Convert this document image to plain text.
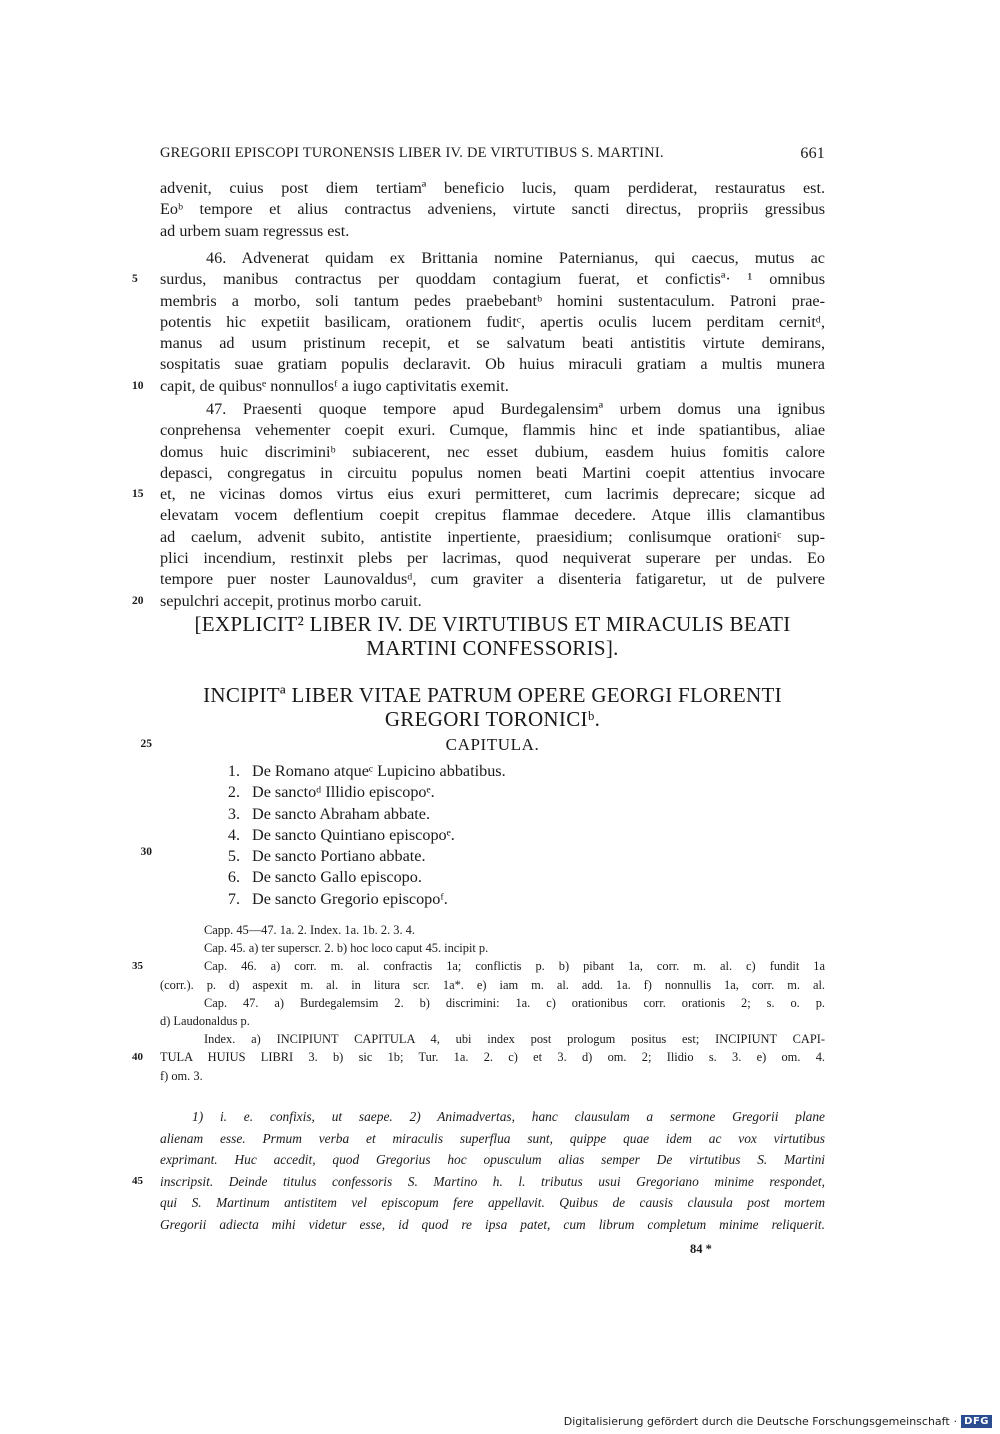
GREGORII EPISCOPI TURONENSIS LIBER IV. DE VIRTUTIBUS S. MARTINI.	661
advenit, cuius post diem tertiamª beneficio lucis, quam perdiderat, restauratus est.
Eoᵇ tempore et alius contractus adveniens, virtute sancti directus, propriis gressibus
ad urbem suam regressus est.
46. Advenerat quidam ex Brittania nomine Paternianus, qui caecus, mutus ac
5	surdus, manibus contractus per quoddam contagium fuerat, et confictisª· ¹ omnibus
membris a morbo, soli tantum pedes praebebantᵇ homini sustentaculum. Patroni prae-
potentis hic expetiit basilicam, orationem fuditᶜ, apertis oculis lucem perditam cernitᵈ,
manus ad usum pristinum recepit, et se salvatum beati antistitis virtute demirans,
sospitatis suae gratiam populis declaravit. Ob huius miraculi gratiam a multis munera
10	capit, de quibusᵉ nonnullosᶠ a iugo captivitatis exemit.
47. Praesenti quoque tempore apud Burdegalensimª urbem domus una ignibus
conprehensa vehementer coepit exuri. Cumque, flammis hinc et inde spatiantibus, aliae
domus huic discriminiᵇ subiacerent, nec esset dubium, easdem huius fomitis calore
depasci, congregatus in circuitu populus nomen beati Martini coepit attentius invocare
15	et, ne vicinas domos virtus eius exuri permitteret, cum lacrimis deprecare; sicque ad
elevatam vocem deflentium coepit crepitus flammae decedere. Atque illis clamantibus
ad caelum, advenit subito, antistite inpertiente, praesidium; conlisumque orationiᶜ sup-
plici incendium, restinxit plebs per lacrimas, quod nequiverat superare per undas. Eo
tempore puer noster Launovaldusᵈ, cum graviter a disenteria fatigaretur, ut de pulvere
20	sepulchri accepit, protinus morbo caruit.
[EXPLICIT² LIBER IV. DE VIRTUTIBUS ET MIRACULIS BEATI
MARTINI CONFESSORIS].
INCIPITª LIBER VITAE PATRUM OPERE GEORGI FLORENTI
GREGORI TORONICIᵇ.
25	CAPITULA.
1. De Romano atqueᶜ Lupicino abbatibus.
2. De sanctoᵈ Illidio episcopoᵉ.
3. De sancto Abraham abbate.
4. De sancto Quintiano episcopoᵉ.
5. De sancto Portiano abbate.
6. De sancto Gallo episcopo.
7. De sancto Gregorio episcopoᶠ.
30
Capp. 45—47. 1a. 2. Index. 1a. 1b. 2. 3. 4.
Cap. 45. a) ter superscr. 2. b) hoc loco caput 45. incipit p.
35	Cap. 46. a) corr. m. al. confractis 1a; conflictis p. b) pibant 1a, corr. m. al. c) fundit 1a
(corr.). p. d) aspexit m. al. in litura scr. 1a*. e) iam m. al. add. 1a. f) nonnullis 1a, corr. m. al.
Cap. 47. a) Burdegalemsim 2. b) discrimini: 1a. c) orationibus corr. orationis 2; s. o. p.
d) Laudonaldus p.
Index. a) INCIPIUNT CAPITULA 4, ubi index post prologum positus est; INCIPIUNT CAPI-
40	TULA HUIUS LIBRI 3. b) sic 1b; Tur. 1a. 2. c) et 3. d) om. 2; Ilidio s. 3. e) om. 4.
f) om. 3.
1) i. e. confixis, ut saepe. 2) Animadvertas, hanc clausulam a sermone Gregorii plane
alienam esse. Prmum verba et miraculis superflua sunt, quippe quae idem ac vox virtutibus
exprimant. Huc accedit, quod Gregorius hoc opusculum alias semper De virtutibus S. Martini
45	inscripsit. Deinde titulus confessoris S. Martino h. l. tributus usui Gregoriano minime respondet,
qui S. Martinum antistitem vel episcopum fere appellavit. Quibus de causis clausula post mortem
Gregorii adiecta mihi videtur esse, id quod re ipsa patet, cum librum completum minime reliquerit.
84 *
Digitalisierung gefördert durch die Deutsche Forschungsgemeinschaft · DFG
